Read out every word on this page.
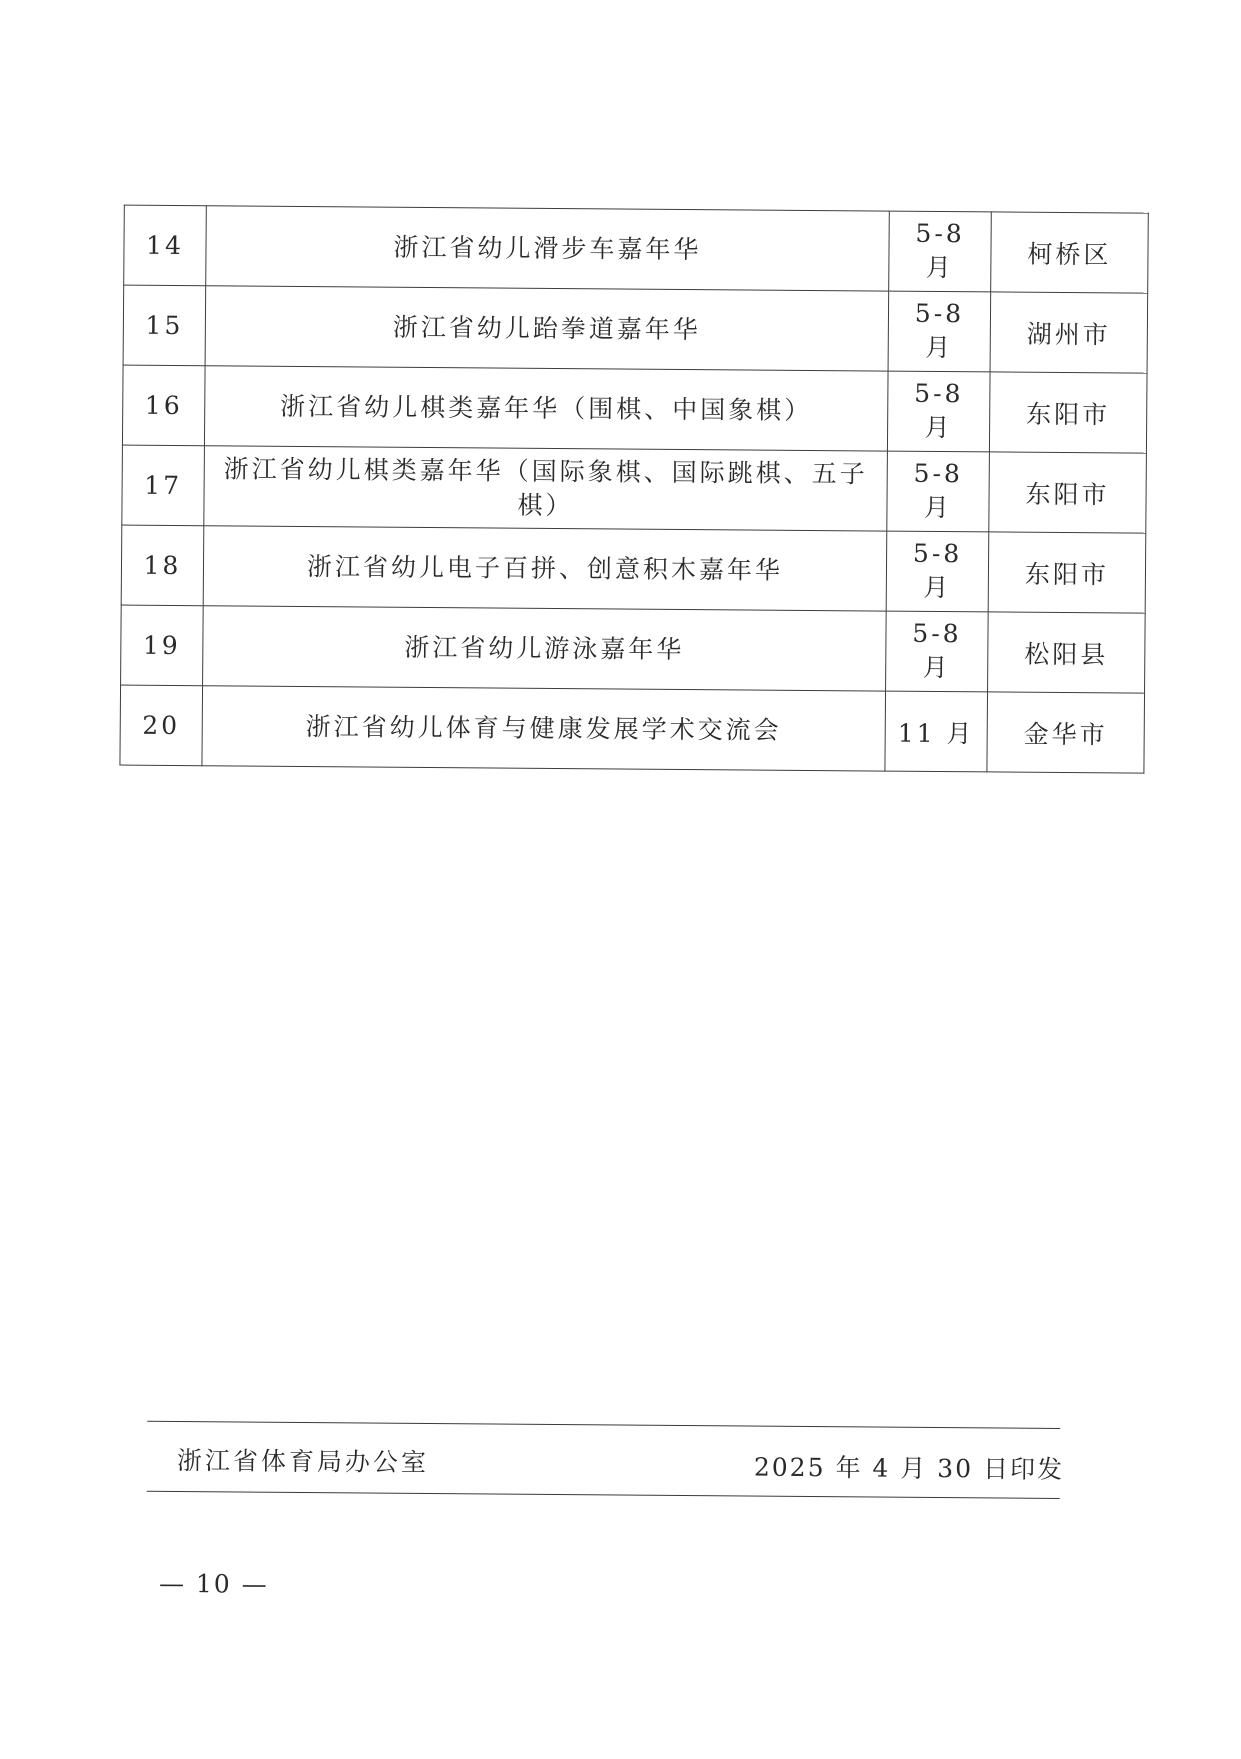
14	浙江省幼儿滑步车嘉年华	5-8 月	柯桥区
15	浙江省幼儿跆拳道嘉年华	5-8 月	湖州市
16	浙江省幼儿棋类嘉年华（围棋、中国象棋）	5-8 月	东阳市
17	浙江省幼儿棋类嘉年华（国际象棋、国际跳棋、五子棋）	5-8 月	东阳市
18	浙江省幼儿电子百拼、创意积木嘉年华	5-8 月	东阳市
19	浙江省幼儿游泳嘉年华	5-8 月	松阳县
20	浙江省幼儿体育与健康发展学术交流会	11 月	金华市
浙江省体育局办公室	2025 年 4 月 30 日印发
— 10 —
